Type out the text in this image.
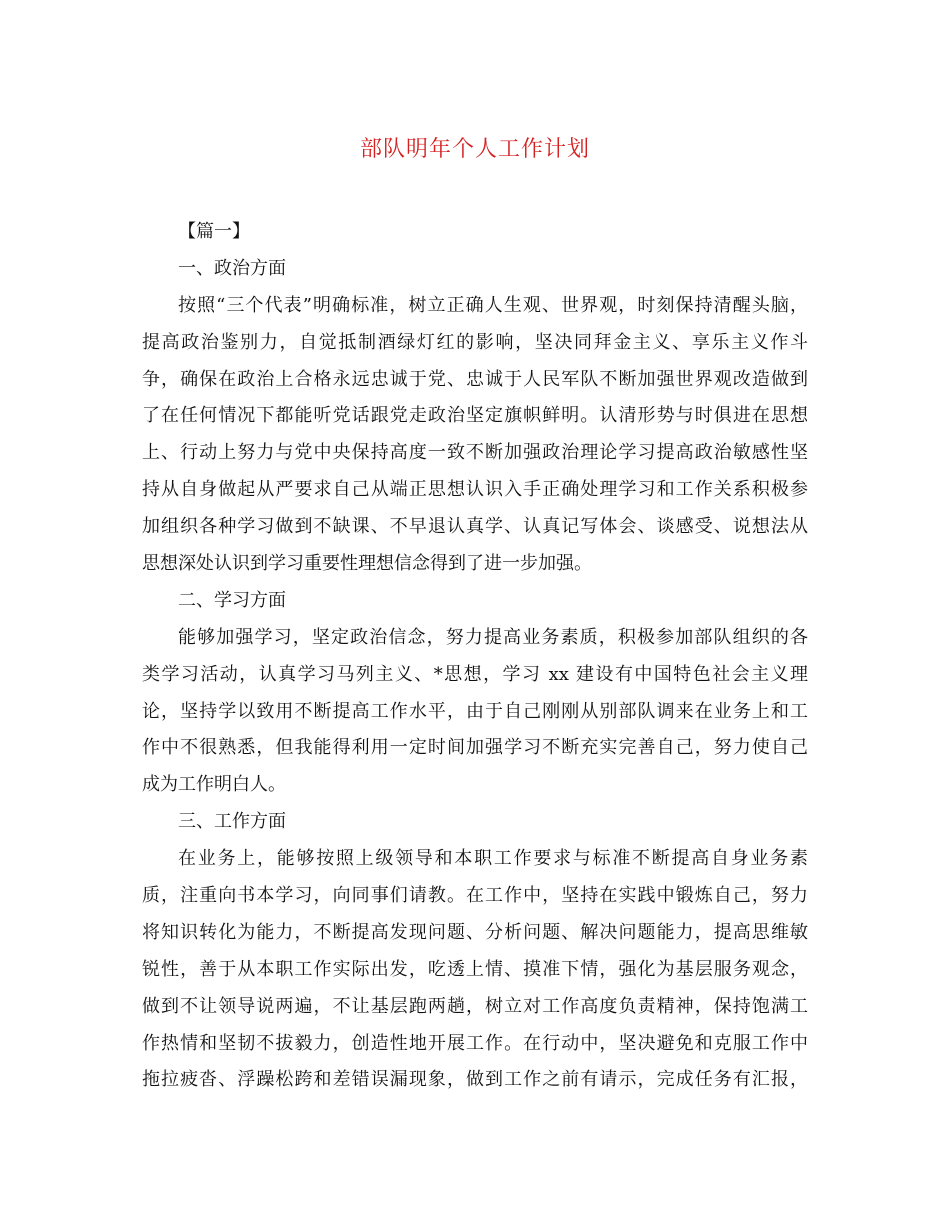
部队明年个人工作计划
【篇一】
一、政治方面
按照“三个代表”明确标准，树立正确人生观、世界观，时刻保持清醒头脑，
提高政治鉴别力，自觉抵制酒绿灯红的影响，坚决同拜金主义、享乐主义作斗
争，确保在政治上合格永远忠诚于党、忠诚于人民军队不断加强世界观改造做到
了在任何情况下都能听党话跟党走政治坚定旗帜鲜明。认清形势与时俱进在思想
上、行动上努力与党中央保持高度一致不断加强政治理论学习提高政治敏感性坚
持从自身做起从严要求自己从端正思想认识入手正确处理学习和工作关系积极参
加组织各种学习做到不缺课、不早退认真学、认真记写体会、谈感受、说想法从
思想深处认识到学习重要性理想信念得到了进一步加强。
二、学习方面
能够加强学习，坚定政治信念，努力提高业务素质，积极参加部队组织的各
类学习活动，认真学习马列主义、*思想，学习 xx 建设有中国特色社会主义理
论，坚持学以致用不断提高工作水平，由于自己刚刚从别部队调来在业务上和工
作中不很熟悉，但我能得利用一定时间加强学习不断充实完善自己，努力使自己
成为工作明白人。
三、工作方面
在业务上，能够按照上级领导和本职工作要求与标准不断提高自身业务素
质，注重向书本学习，向同事们请教。在工作中，坚持在实践中锻炼自己，努力
将知识转化为能力，不断提高发现问题、分析问题、解决问题能力，提高思维敏
锐性，善于从本职工作实际出发，吃透上情、摸准下情，强化为基层服务观念，
做到不让领导说两遍，不让基层跑两趟，树立对工作高度负责精神，保持饱满工
作热情和坚韧不拔毅力，创造性地开展工作。在行动中，坚决避免和克服工作中
拖拉疲沓、浮躁松跨和差错误漏现象，做到工作之前有请示，完成任务有汇报，
